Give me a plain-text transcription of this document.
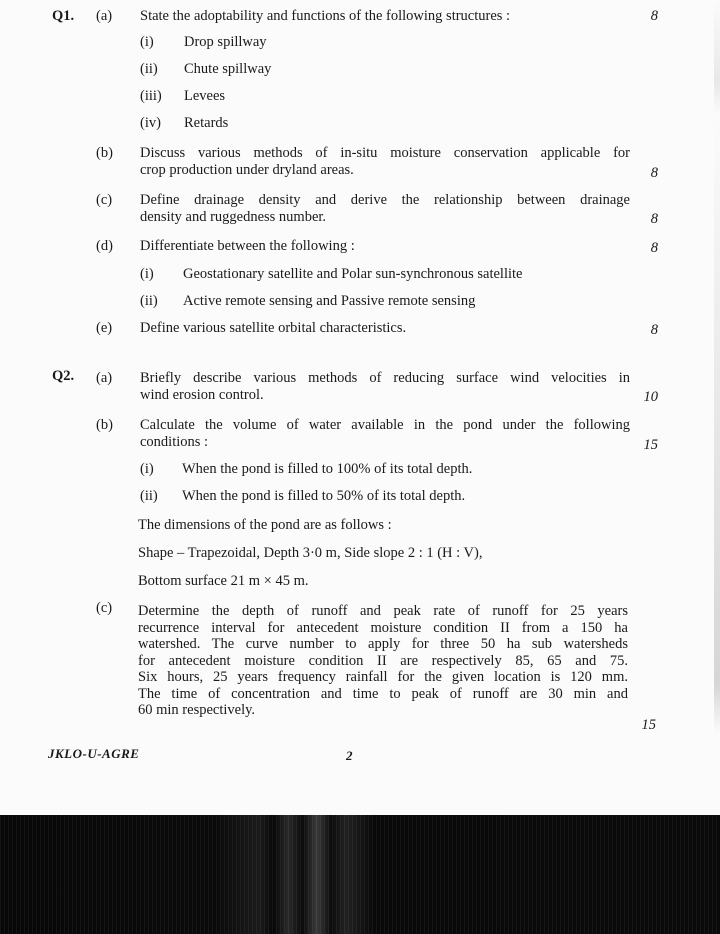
Q1. (a) State the adoptability and functions of the following structures :	8
(i) Drop spillway
(ii) Chute spillway
(iii) Levees
(iv) Retards
(b) Discuss various methods of in-situ moisture conservation applicable for
crop production under dryland areas.	8
(c) Define drainage density and derive the relationship between drainage
density and ruggedness number.	8
(d) Differentiate between the following :	8
(i) Geostationary satellite and Polar sun-synchronous satellite
(ii) Active remote sensing and Passive remote sensing
(e) Define various satellite orbital characteristics.	8
Q2. (a) Briefly describe various methods of reducing surface wind velocities in
wind erosion control.	10
(b) Calculate the volume of water available in the pond under the following
conditions :	15
(i) When the pond is filled to 100% of its total depth.
(ii) When the pond is filled to 50% of its total depth.
The dimensions of the pond are as follows :
Shape – Trapezoidal, Depth 3·0 m, Side slope 2 : 1 (H : V),
Bottom surface 21 m × 45 m.
(c) Determine the depth of runoff and peak rate of runoff for 25 years
recurrence interval for antecedent moisture condition II from a 150 ha
watershed. The curve number to apply for three 50 ha sub watersheds
for antecedent moisture condition II are respectively 85, 65 and 75.
Six hours, 25 years frequency rainfall for the given location is 120 mm.
The time of concentration and time to peak of runoff are 30 min and
60 min respectively.
15
JKLO-U-AGRE	2
